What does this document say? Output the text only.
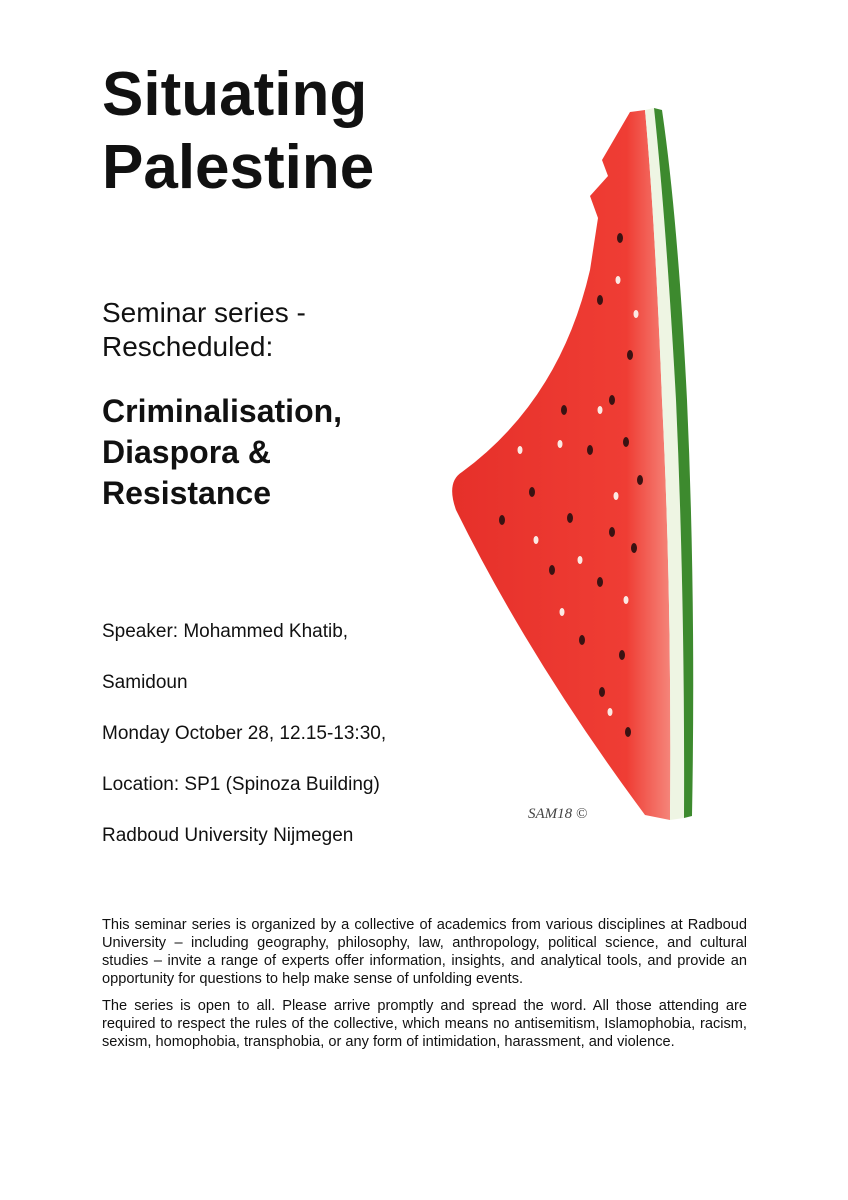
Situating
Palestine
Seminar series -
Rescheduled:
Criminalisation,
Diaspora &
Resistance
Speaker: Mohammed Khatib,
Samidoun
Monday October 28, 12.15-13:30,
Location: SP1 (Spinoza Building)
Radboud University Nijmegen
SAM18 ©

This seminar series is organized by a collective of academics from various disciplines at Radboud University – including geography, philosophy, law, anthropology, political science, and cultural studies – invite a range of experts offer information, insights, and analytical tools, and provide an opportunity for questions to help make sense of unfolding events.

The series is open to all. Please arrive promptly and spread the word. All those attending are required to respect the rules of the collective, which means no antisemitism, Islamophobia, racism, sexism, homophobia, transphobia, or any form of intimidation, harassment, and violence.
